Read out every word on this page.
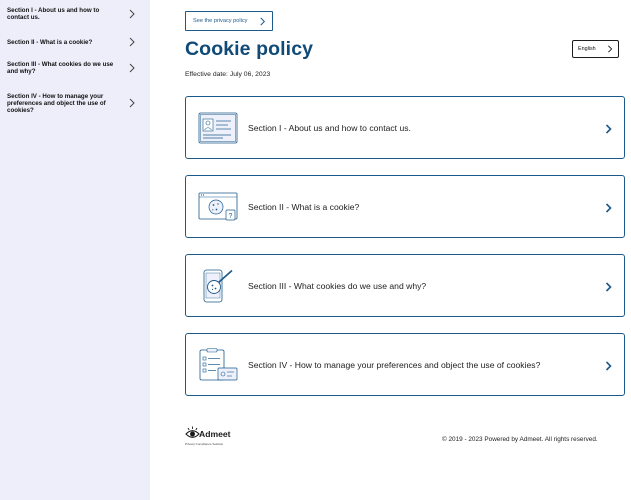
Section I - About us and how to contact us.
Section II - What is a cookie?
Section III - What cookies do we use and why?
Section IV - How to manage your preferences and object the use of cookies?
See the privacy policy
Cookie policy
Effective date: July 06, 2023
English
Section I - About us and how to contact us.
?
Section II - What is a cookie?
Section III - What cookies do we use and why?
Section IV - How to manage your preferences and object the use of cookies?
Admeet
Privacy Compliance Solution
© 2019 - 2023 Powered by Admeet. All rights reserved.
